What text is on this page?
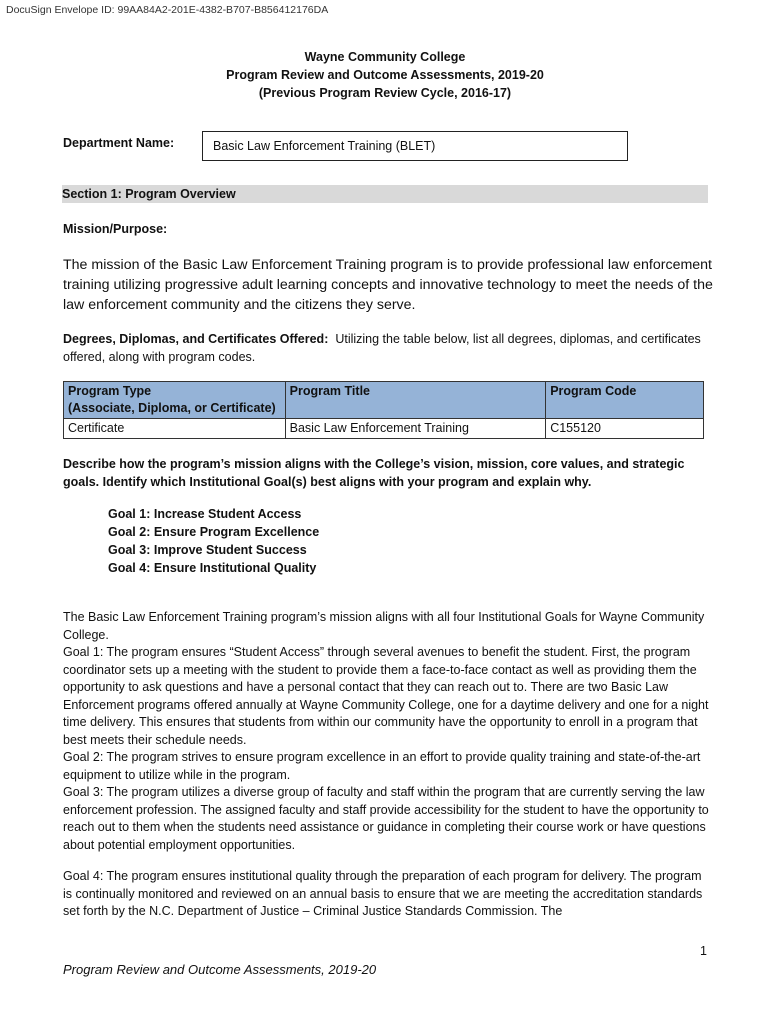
DocuSign Envelope ID: 99AA84A2-201E-4382-B707-B856412176DA
Wayne Community College
Program Review and Outcome Assessments, 2019-20
(Previous Program Review Cycle, 2016-17)
Department Name:	Basic Law Enforcement Training (BLET)
Section 1: Program Overview
Mission/Purpose:
The mission of the Basic Law Enforcement Training program is to provide professional law enforcement training utilizing progressive adult learning concepts and innovative technology to meet the needs of the law enforcement community and the citizens they serve.
Degrees, Diplomas, and Certificates Offered: Utilizing the table below, list all degrees, diplomas, and certificates offered, along with program codes.
Program Type
(Associate, Diploma, or Certificate)	Program Title	Program Code
Certificate	Basic Law Enforcement Training	C155120
Describe how the program’s mission aligns with the College’s vision, mission, core values, and strategic goals. Identify which Institutional Goal(s) best aligns with your program and explain why.
Goal 1: Increase Student Access
Goal 2: Ensure Program Excellence
Goal 3: Improve Student Success
Goal 4: Ensure Institutional Quality

The Basic Law Enforcement Training program’s mission aligns with all four Institutional Goals for Wayne Community College.

Goal 1: The program ensures “Student Access” through several avenues to benefit the student. First, the program coordinator sets up a meeting with the student to provide them a face-to-face contact as well as providing them the opportunity to ask questions and have a personal contact that they can reach out to. There are two Basic Law Enforcement programs offered annually at Wayne Community College, one for a daytime delivery and one for a night time delivery. This ensures that students from within our community have the opportunity to enroll in a program that best meets their schedule needs.

Goal 2: The program strives to ensure program excellence in an effort to provide quality training and state-of-the-art equipment to utilize while in the program.

Goal 3: The program utilizes a diverse group of faculty and staff within the program that are currently serving the law enforcement profession. The assigned faculty and staff provide accessibility for the student to have the opportunity to reach out to them when the students need assistance or guidance in completing their course work or have questions about potential employment opportunities.

Goal 4: The program ensures institutional quality through the preparation of each program for delivery. The program is continually monitored and reviewed on an annual basis to ensure that we are meeting the accreditation standards set forth by the N.C. Department of Justice – Criminal Justice Standards Commission. The

1
Program Review and Outcome Assessments, 2019-20
